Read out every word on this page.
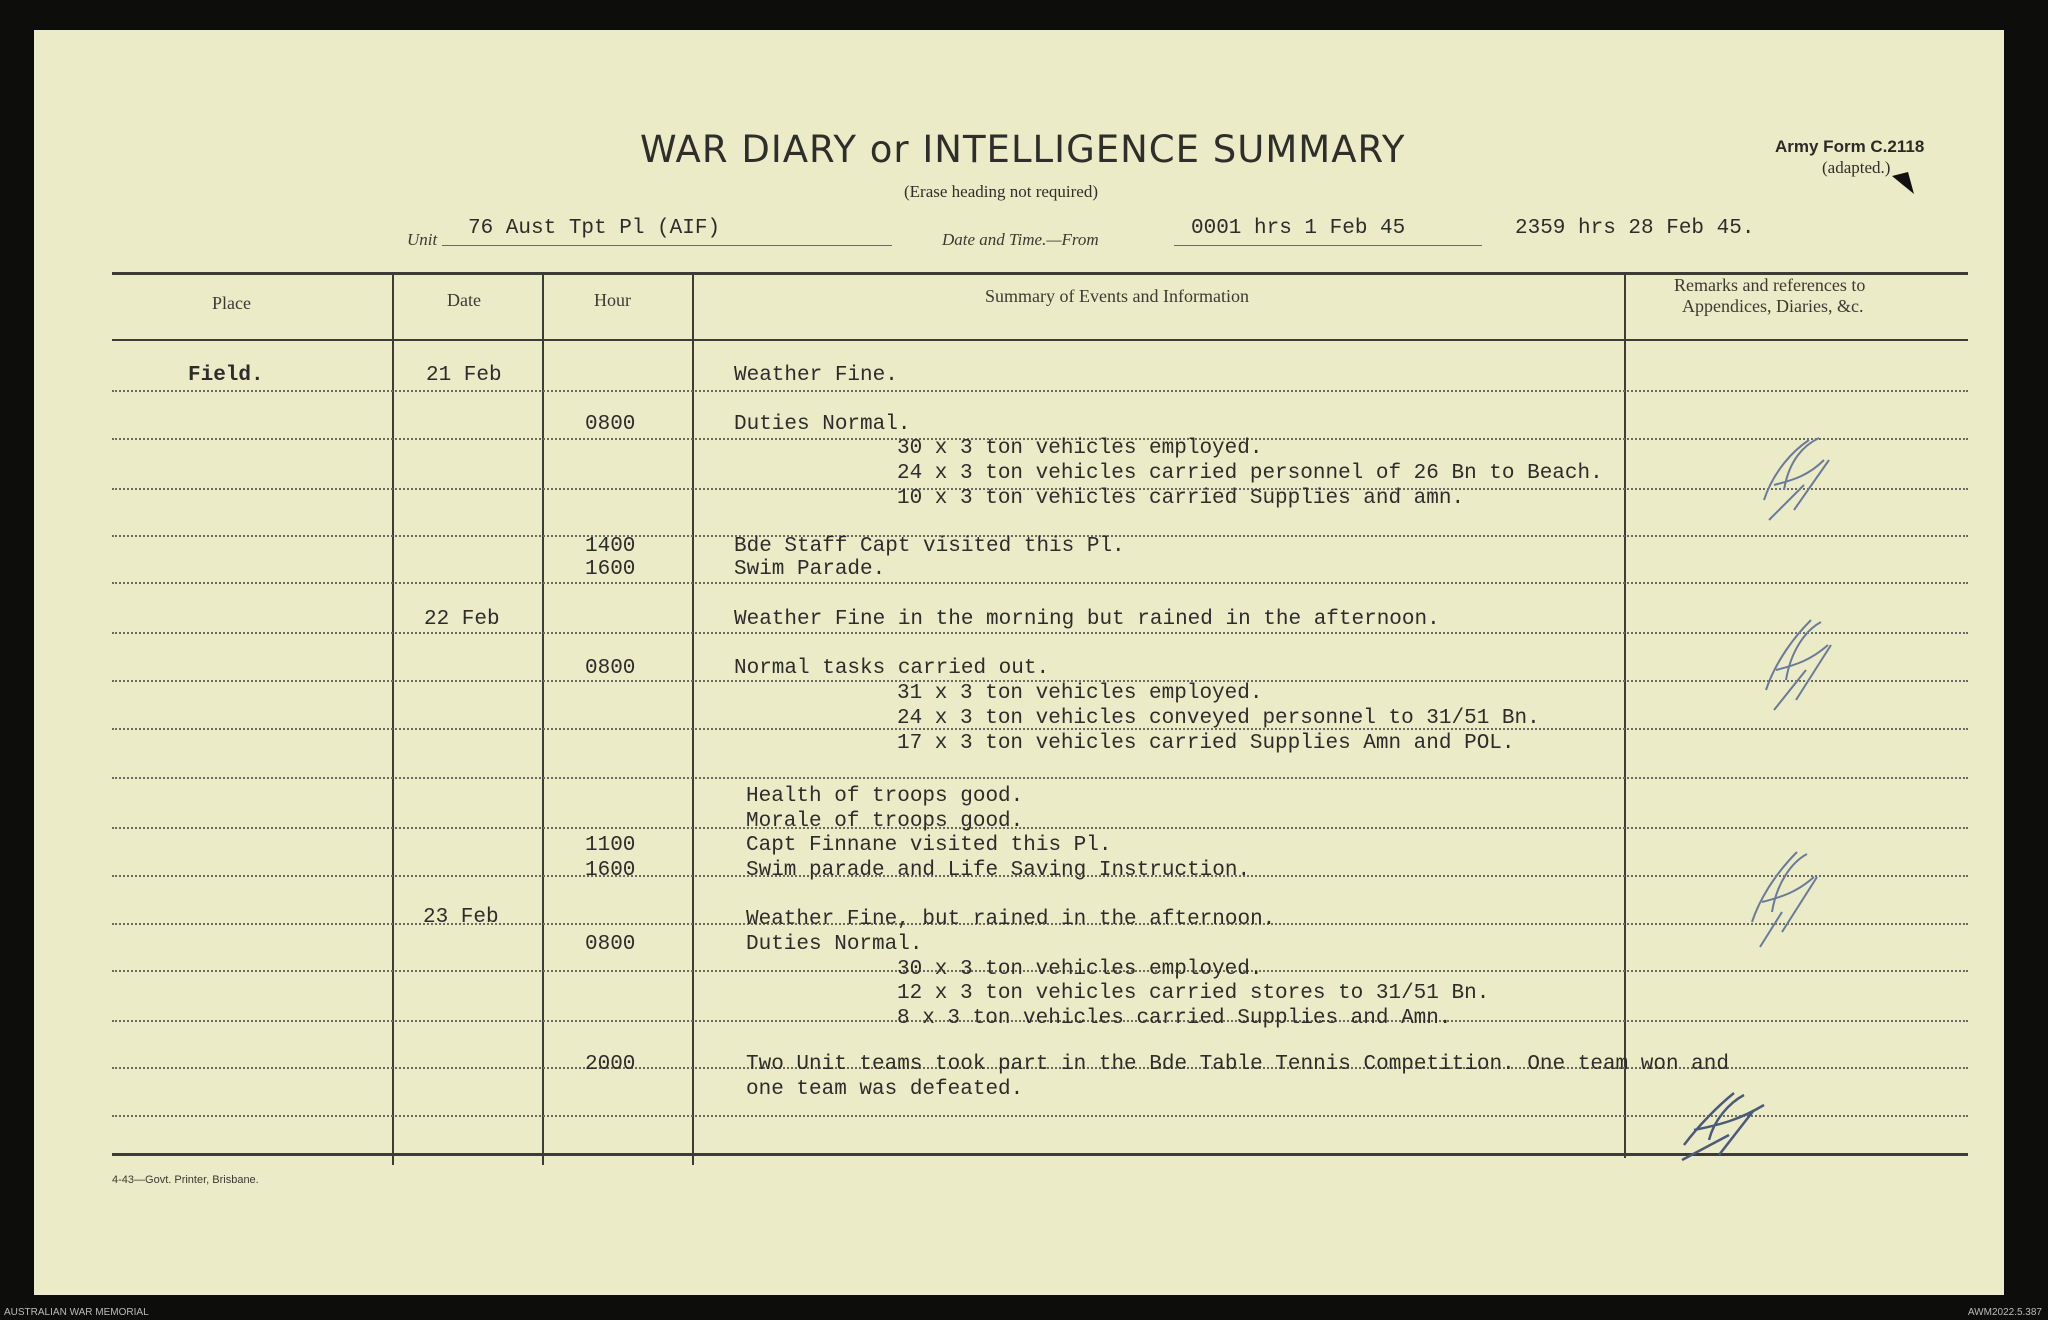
WAR DIARY or INTELLIGENCE SUMMARY
(Erase heading not required)
Army Form C.2118
(adapted.)
Unit 76 Aust Tpt Pl (AIF)	Date and Time.—From	0001 hrs 1 Feb 45	2359 hrs 28 Feb 45.
Place	Date	Hour	Summary of Events and Information
Remarks and references to
Appendices, Diaries, &c.
Field.	21 Feb	Weather Fine.
0800	Duties Normal.
30 x 3 ton vehicles employed.
24 x 3 ton vehicles carried personnel of 26 Bn to Beach.
10 x 3 ton vehicles carried Supplies and amn.
1400	Bde Staff Capt visited this Pl.
1600	Swim Parade.
22 Feb	Weather Fine in the morning but rained in the afternoon.
0800	Normal tasks carried out.
31 x 3 ton vehicles employed.
24 x 3 ton vehicles conveyed personnel to 31/51 Bn.
17 x 3 ton vehicles carried Supplies Amn and POL.
Health of troops good.
Morale of troops good.
1100	Capt Finnane visited this Pl.
1600	Swim parade and Life Saving Instruction.
23 Feb	Weather Fine, but rained in the afternoon.
0800	Duties Normal.
30 x 3 ton vehicles employed.
12 x 3 ton vehicles carried stores to 31/51 Bn.
8 x 3 ton vehicles carried Supplies and Amn.
2000	Two Unit teams took part in the Bde Table Tennis Competition. One team won and
one team was defeated.
4-43—Govt. Printer, Brisbane.
AUSTRALIAN WAR MEMORIAL	AWM2022.5.387
